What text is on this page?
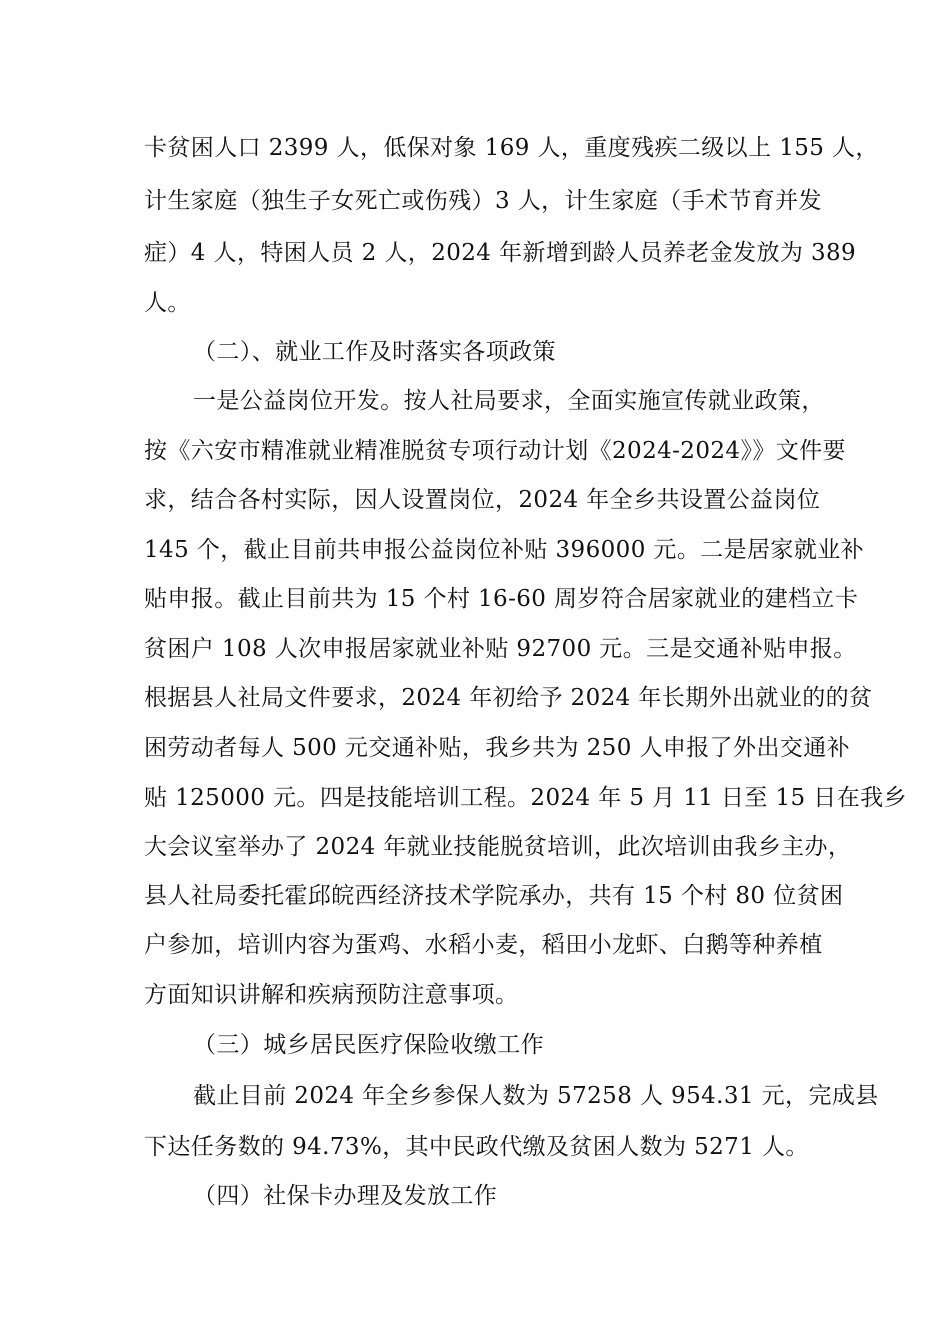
卡贫困人口 2399 人，低保对象 169 人，重度残疾二级以上 155 人，
计生家庭（独生子女死亡或伤残）3 人，计生家庭（手术节育并发
症）4 人，特困人员 2 人，2024 年新增到龄人员养老金发放为 389
人。
（二）、就业工作及时落实各项政策
一是公益岗位开发。按人社局要求，全面实施宣传就业政策，
按《六安市精准就业精准脱贫专项行动计划《2024-2024》》文件要
求，结合各村实际，因人设置岗位，2024 年全乡共设置公益岗位
145 个，截止目前共申报公益岗位补贴 396000 元。二是居家就业补
贴申报。截止目前共为 15 个村 16-60 周岁符合居家就业的建档立卡
贫困户 108 人次申报居家就业补贴 92700 元。三是交通补贴申报。
根据县人社局文件要求，2024 年初给予 2024 年长期外出就业的的贫
困劳动者每人 500 元交通补贴，我乡共为 250 人申报了外出交通补
贴 125000 元。四是技能培训工程。2024 年 5 月 11 日至 15 日在我乡
大会议室举办了 2024 年就业技能脱贫培训，此次培训由我乡主办，
县人社局委托霍邱皖西经济技术学院承办，共有 15 个村 80 位贫困
户参加，培训内容为蛋鸡、水稻小麦，稻田小龙虾、白鹅等种养植
方面知识讲解和疾病预防注意事项。
（三）城乡居民医疗保险收缴工作
截止目前 2024 年全乡参保人数为 57258 人 954.31 元，完成县
下达任务数的 94.73%，其中民政代缴及贫困人数为 5271 人。
（四）社保卡办理及发放工作
